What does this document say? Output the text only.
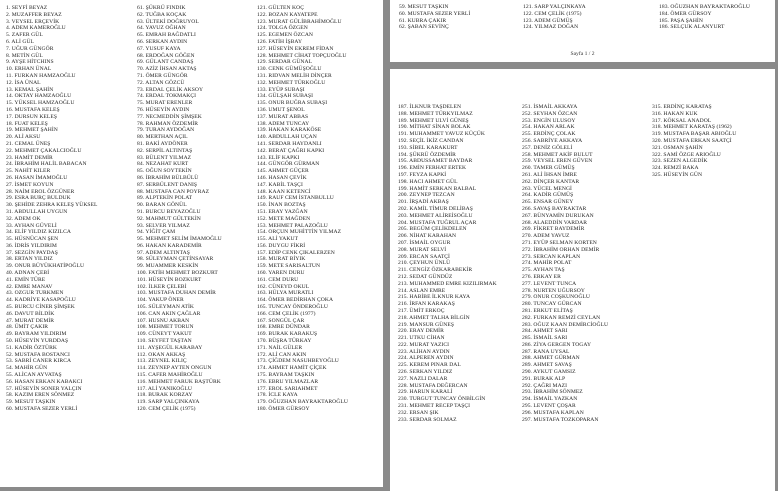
1. SEYFİ BEYAZ
2. MUZAFFER BEYAZ
3. VEYSEL ERÇEVİK
4. ADEM KAMEROĞLU
5. ZAFER GÜL
6. ALİ GÜL
7. UĞUR GÜNGÖR
8. METİN GÜL
9. AYŞE HİTCHINS
10. ERHAN ÜNAL
11. FURKAN HAMZAOĞLU
12. İSA ÜNAL
13. KEMAL ŞAHİN
14. OKTAY HAMZAOĞLU
15. YÜKSEL HAMZAOĞLU
16. MUSTAFA KELEŞ
17. DURSUN KELEŞ
18. FUAT KELEŞ
19. MEHMET ŞAHİN
20. ALİ AKSU
21. CEMAL ÜNEŞ
22. MEHMET ÇAKALCIOĞLU
23. HAMİT DEMİR
24. İBRAHİM HALİL BABACAN
25. NAHİT KILER
26. HASAN İMAMOĞLU
27. İSMET KOYUN
28. NAİM EROL ÖZGÜNER
29. ESRA BURÇ BULDUK
30. ŞEHİDE ZEHRA KELEŞ YÜKSEL
31. ABDULLAH UYGUN
32. ADEM OK
33. AYHAN GÜVELİ
34. ELİF YILDIZ KIZILCA
35. HÜSNÜCAN ŞEN
36. İDRİS YILDIRIM
37. SEZGİN PAYDAŞ
38. ERTAN YILDIZ
39. ONUR BÜYÜKHATİPOĞLU
40. ADNAN ÇEBİ
41. EMİN TÜRE
42. EMRE MANAV
43. OZGUR TURKMEN
44. KADRİYE KASAPOĞLU
45. BURCU CİNER ŞİMŞEK
46. DAVUT BİLDİK
47. MURAT DEMİR
48. ÜMİT ÇAKIR
49. BAYRAM YILDIRIM
50. HÜSEYİN YURDDAŞ
51. KADİR ÖZTÜRK
52. MUSTAFA BOSTANCI
53. SABRİ CANER KIRCA
54. MAHİR GÜN
55. ALİCAN AYVATAŞ
56. HASAN ERKAN KABAKCI
57. HÜSEYİN SONER YALÇIN
58. KAZIM EREN SÖNMEZ
59. MESUT TAŞKIN
60. MUSTAFA SEZER YERLİ
61. ŞÜKRÜ FINDIK
62. TUĞBA KOÇAK
63. ÜLTEKİ DOĞRUYOL
64. YAVUZ OĞHAN
65. EMRAH BAĞDATLI
66. SERKAN AYDIN
67. YUSUF KAYA
68. ERDOĞAN GÖĞEN
69. GÜLANT CANDAŞ
70. AZİZ İHSAN AKTAŞ
71. ÖMER GÜNGÖR
72. ALTAN GÖZCÜ
73. ERDAL ÇELİK AKSOY
74. ERDAL TOKMAKÇI
75. MURAT ERENLER
76. HÜSEYİN AYDIN
77. NECMEDDİN ŞİMŞEK
78. RAHMAN ÖZDEMİR
79. TURAN AYDOĞAN
80. MERTHAN AÇIL
81. BAKİ AYDÖNER
82. SERPİL ALTINTAŞ
83. BÜLENT YILMAZ
84. NEZAHAT KURT
85. OĞUN SOYTEKİN
86. İBRAHİM BÜLBÜLÜ
87. SERBÜLENT DANIŞ
88. MUSTAFA CAN POYRAZ
89. ALPTEKİN POLAT
90. BARAN GÖNÜL
91. BURCU BEYAZOĞLU
92. MAHMUT GÜLTEKİN
93. SELVER YILMAZ
94. YİĞİT ÇAM
95. MEHMET SELİM İMAMOĞLU
96. HAKAN KARADEMİR
97. ADEM ALTINTAŞ
98. SÜLEYMAN ÇETİNSAYAR
99. MUAMMER KESKİN
100. FATİH MEHMET BOZKURT
101. HÜSEYİN BOZKURT
102. İLKER ÇELEBİ
103. MUSTAFA DUHAN DEMİR
104. YAKUP ÖNER
105. SÜLEYMAN ATİK
106. CAN AKIN ÇAĞLAR
107. HUSNU AKBAN
108. MEHMET TORUN
109. CÜNEYT YAKUT
110. SEYFET TAŞTAN
111. AYŞEGÜL KARABAY
112. OKAN AKKAŞ
113. ZEYNEL KILIÇ
114. ZEYNEP AYTEN ONGUN
115. CAFER MAHİROĞLU
116. MEHMET FARUK BAŞTÜRK
117. ALİ YANIKOĞLU
118. BURAK KORZAY
119. SARP YALÇINKAYA
120. CEM ÇELİK (1975)
121. GÜLTEN KOÇ
122. BOZAN KAYATEPE
123. MURAT GÜLİBRAHİMOĞLU
124. TOLGA ÖZGEN
125. EGEMEN ÖZCAN
126. FATİH İŞBAY
127. HÜSEYİN EKREM FİDAN
128. MEHMET CİHAT TOPÇUOĞLU
129. SERDAR GÜNAL
130. CENK GÜMÜŞOĞLU
131. RIDVAN MELİH DİNÇER
132. MEHMET TÜRKOĞLU
133. EYÜP SUBAŞI
134. GÜLŞAH SUBAŞI
135. ONUR BUĞRA SUBAŞI
136. UMUT ŞENOL
137. MURAT ABBAS
138. ADEM TUNCAY
139. HAKAN KARAKÖSE
140. ABDULLAH UÇAN
141. SERDAR HAYDANLI
142. BERAT ÇAĞRI KAPKI
143. ELİF KAPKI
144. GÜNGÖR GÜRMAN
145. AHMET GÜÇER
146. HASAN ÇEVİK
147. KABİL TAŞÇI
148. KAAN KETENCİ
149. RAUF CEM İSTANBULLU
150. İNAN BOZTAŞ
151. ERAY YAZĞAN
152. METE MAĞDEN
153. MEHMET PALAZOĞLU
154. ORÇUN MUHİTTİN YILMAZ
155. ALİ YAKUT
156. DUYGU FİKRİ
157. EDİP CENK ÇIKALERZEN
158. MURAT BİYIK
159. METE SARISALTUN
160. YAREN DURU
161. CEM DURU
162. CÜNEYD OKUL
163. HÜLYA MURATLI
164. ÖMER BEDİRHAN ÇOKA
165. TUNCAY ÖNDEROĞLU
166. CEM ÇELİK (1977)
167. SONGÜL ÇAR
168. EMRE DÜNDAR
169. BURAK KARAKUŞ
170. BÜŞRA TÜRKAY
171. NAİL GÜLER
172. ALİ CAN AKIN
173. ÇİĞDEM NASUHBEYOĞLU
174. AHMET HAMİT ÇİÇEK
175. BAYRAM TAŞKIN
176. EBRU YILMAZLAR
177. EROL SARIAHMET
178. İCLE KAYA
179. OĞUZHAN BAYRAKTAROĞLU
180. ÖMER GÜRSOY
59. MESUT TAŞKIN
60. MUSTAFA SEZER YERLİ
61. KUBRA ÇAKIR
62. ŞABAN SEVİNÇ
121. SARP YALÇINKAYA
122. CEM ÇELİK (1975)
123. ADEM GÜMÜŞ
124. YILMAZ DOĞAN
183. OĞUZHAN BAYRAKTAROĞLU
184. ÖMER GÜRSOY
185. PAŞA ŞAHİN
186. SELÇUK ALANYURT
Sayfa 1 / 2
187. İLKNUR TAŞDELEN
188. MEHMET TÜRKYILMAZ
189. MEHMET ULVİ GÜNEŞ
190. MİTHAT SİNAN BOLAK
191. MUHAMMET YAVUZ KÜÇÜK
192. SEÇİL İKİZ CANDAN
193. SİBEL KARAKURT
194. ŞÜKRÜ ÖZDEMİR
195. ABDUSSAMET BAYDAR
196. EMİN FERHAT ERTEK
197. FEYZA KAPKİ
198. HACI AHMET GÜL
199. HAMİT SERKAN BALBAL
200. ZEYNEP TEZCAN
201. İRŞADİ AKBAŞ
202. KAMİL TİMUR DELİBAŞ
203. MEHMET ALİREİSOĞLU
204. MUSTAFA TUĞRUL AÇAR
205. BEGÜM ÇELİKDELEN
206. NİHAT KARAHAN
207. İSMAİL OYGUR
208. MURAT SELVİ
209. ERCAN SAATÇİ
210. ÇEYHUN ÜNLÜ
211. CENGİZ ÖZKARABEKİR
212. SEDAT GÜNDÜZ
213. MUHAMMED EMRE KIZILIRMAK
214. ASLAN EMRE
215. HABİBE İLKNUR KAYA
216. İRFAN KARAKAŞ
217. ÜMİT ERKOÇ
218. AHMET TALHA BİLGİN
219. MANSUR GÜNEŞ
220. ERAY DEMİR
221. UTKU CİHAN
222. MURAT YAZICI
223. ALİHAN AYDIN
224. ALPEREN AYDIN
225. KEREM PINAR DAL
226. SERKAN YILDIZ
227. NAZLI DALAR
228. MUSTAFA DEĞERCAN
229. HARUN KARALİ
230. TURGUT TUNCAY ÖNBİLGİN
231. MEHMET RECEP TAŞÇI
232. ERSAN ŞIK
233. SERDAR SOLMAZ
251. İSMAİL AKKAYA
252. SEYHAN ÖZCAN
253. ENGİN ULUSOY
254. HAKAN ARLAK
255. ERDİNÇ ÇOLAK
256. SABRİYE AKKAYA
257. DENİZ GÖLELİ
258. MEHMET AKİF BULUT
259. VEYSEL EREN GÜVEN
260. TAMER GÜMÜŞ
261. ALİ İHSAN İMRE
262. DİNÇER KANTAR
263. YÜCEL MENGİ
264. KADİR GÜMÜŞ
265. ENSAR GÜNEY
266. SAVAŞ BAYRAKTAR
267. BÜNYAMİN DURUKAN
268. ALAEDDİN VARDAR
269. FİKRET BAYDEMİR
270. ADEM YAVUZ
271. EYÜP SELMAN KORTEN
272. İBRAHİM ORHAN DEMİR
273. SERCAN KAPLAN
274. MAHİR POLAT
275. AYHAN TAŞ
276. ERKAY ER
277. LEVENT TUNCA
278. NURTEN UĞURSOY
279. ONUR COŞKUNOĞLU
280. TUNCAY GÜRCAN
281. ERKUT ELİTAŞ
282. FURKAN REMZİ CEYLAN
283. OĞUZ KAAN DEMİRCİOĞLU
284. AHMET SARI
285. İSMAİL SARI
286. ZİYA GERGEN TOGAY
287. RANA UYSAL
288. AHMET GÜRMAN
289. AHMET SAVAŞ
290. AYKUT GAMSIZ
291. BURAK ALP
292. ÇAĞRI MAZI
293. İBRAHİM SÖNMEZ
294. İSMAİL YAZKAN
295. LEVENT ÇOŞAR
296. MUSTAFA KAPLAN
297. MUSTAFA TOZKOPARAN
315. ERDİNÇ KARATAŞ
316. HAKAN KUK
317. KÖKSAL ANADOL
318. MEHMET KARATAŞ (1962)
319. MUSTAFA BAŞAR ABIOĞLU
320. MUSTAFA ERKAN SAATÇİ
321. OSMAN ŞAHİN
322. SAMİ ÖZGE ARIOĞLU
323. SEZEN ALGEDİK
324. REMZİ BAKA
325. HÜSEYİN GÜN
